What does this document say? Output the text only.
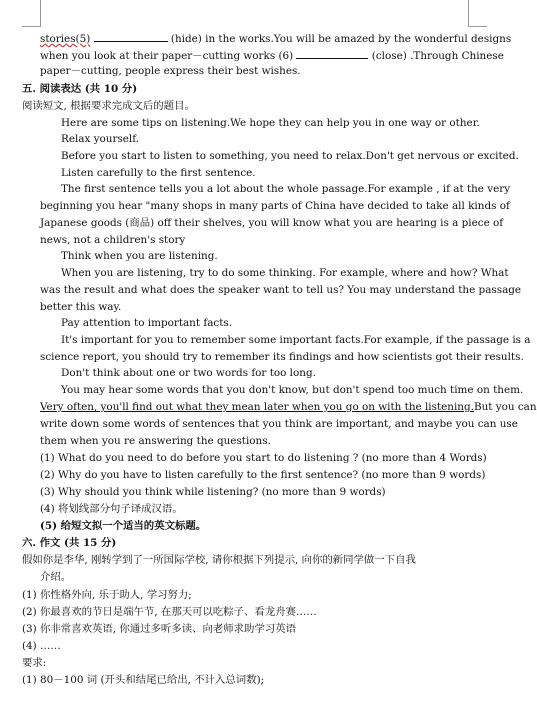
stories(5)	(hide) in the works.You will be amazed by the wonderful designs
when you look at their paper－cutting works (6)	(close) .Through Chinese
paper－cutting, people express their best wishes.
五. 阅读表达 (共 10 分)
阅读短文, 根据要求完成文后的题目。
Here are some tips on listening.We hope they can help you in one way or other.
Relax yourself.
Before you start to listen to something, you need to relax.Don't get nervous or excited.
Listen carefully to the first sentence.
The first sentence tells you a lot about the whole passage.For example , if at the very
beginning you hear "many shops in many parts of China have decided to take all kinds of
Japanese goods (商品) off their shelves, you will know what you are hearing is a piece of
news, not a children's story
Think when you are listening.
When you are listening, try to do some thinking. For example, where and how? What
was the result and what does the speaker want to tell us? You may understand the passage
better this way.
Pay attention to important facts.
It's important for you to remember some important facts.For example, if the passage is a
science report, you should try to remember its findings and how scientists got their results.
Don't think about one or two words for too long.
You may hear some words that you don't know, but don't spend too much time on them.
Very often, you'll find out what they mean later when you go on with the listening.But you can
write down some words of sentences that you think are important, and maybe you can use
them when you re answering the questions.
(1) What do you need to do before you start to do listening ? (no more than 4 Words)
(2) Why do you have to listen carefully to the first sentence? (no more than 9 words)
(3) Why should you think while listening? (no more than 9 words)
(4) 将划线部分句子译成汉语。
(5) 给短文拟一个适当的英文标题。
六. 作文 (共 15 分)
假如你是李华, 刚转学到了一所国际学校, 请你根据下列提示, 向你的新同学做一下自我
介绍。
(1) 你性格外向, 乐于助人, 学习努力;
(2) 你最喜欢的节日是端午节, 在那天可以吃粽子、看龙舟赛……
(3) 你非常喜欢英语, 你通过多听多读、向老师求助学习英语
(4) ……
要求:
(1) 80－100 词 (开头和结尾已给出, 不计入总词数);
